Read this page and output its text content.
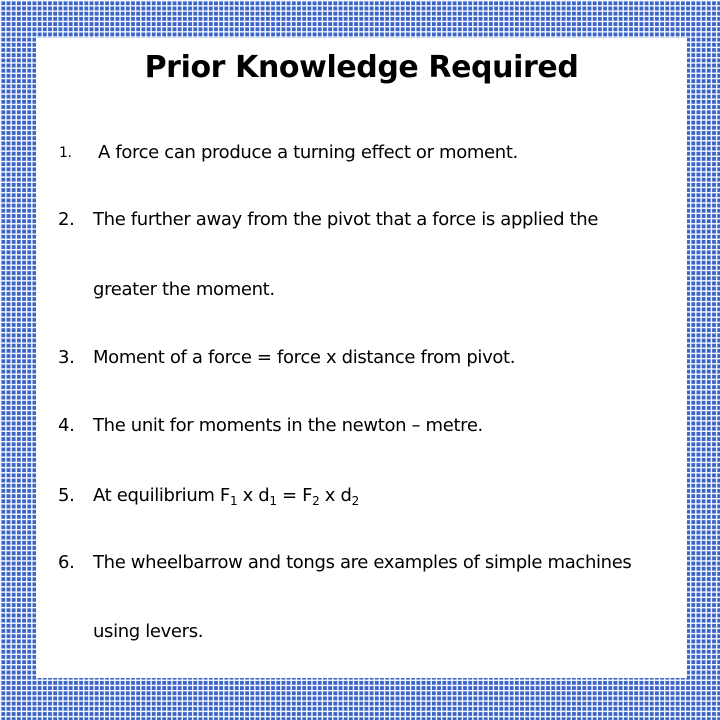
Prior Knowledge Required
1. A force can produce a turning effect or moment.
2. The further away from the pivot that a force is applied the
greater the moment.
3. Moment of a force = force x distance from pivot.
4. The unit for moments in the newton – metre.
5. At equilibrium $F_1$ x $d_1 = F_2$ x $d_2$
6. The wheelbarrow and tongs are examples of simple machines
using levers.
